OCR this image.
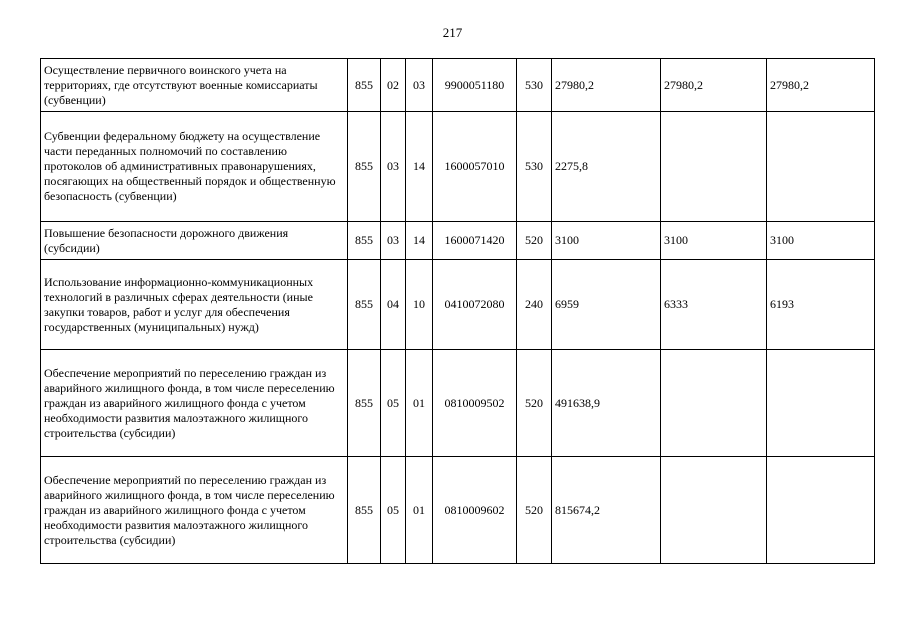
217
Осуществление первичного воинского учета на территориях, где отсутствуют военные комиссариаты (субвенции)	855	02	03	9900051180	530	27980,2	27980,2	27980,2
Субвенции федеральному бюджету на осуществление части переданных полномочий по составлению протоколов об административных правонарушениях, посягающих на общественный порядок и общественную безопасность (субвенции)	855	03	14	1600057010	530	2275,8		
Повышение безопасности дорожного движения (субсидии)	855	03	14	1600071420	520	3100	3100	3100
Использование информационно-коммуникационных технологий в различных сферах деятельности (иные закупки товаров, работ и услуг для обеспечения государственных (муниципальных) нужд)	855	04	10	0410072080	240	6959	6333	6193
Обеспечение мероприятий по переселению граждан из аварийного жилищного фонда, в том числе переселению граждан из аварийного жилищного фонда с учетом необходимости развития малоэтажного жилищного строительства (субсидии)	855	05	01	0810009502	520	491638,9		
Обеспечение мероприятий по переселению граждан из аварийного жилищного фонда, в том числе переселению граждан из аварийного жилищного фонда с учетом необходимости развития малоэтажного жилищного строительства (субсидии)	855	05	01	0810009602	520	815674,2		
